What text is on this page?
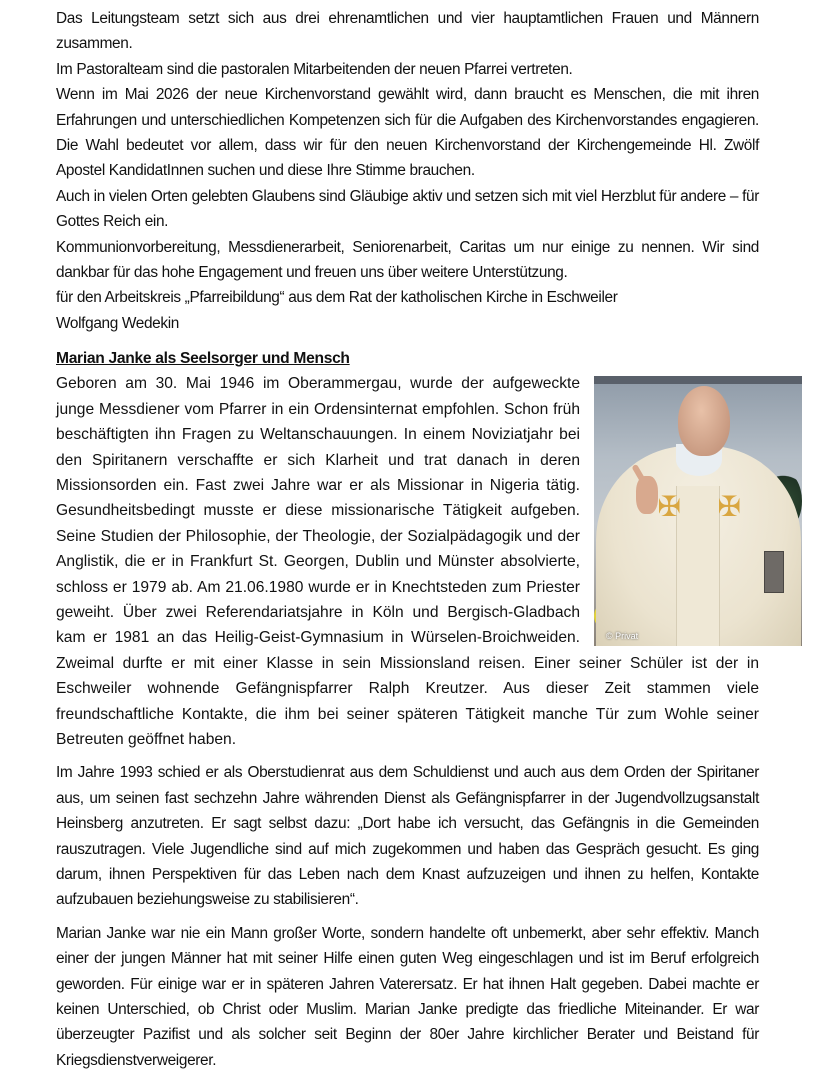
Das Leitungsteam setzt sich aus drei ehrenamtlichen und vier hauptamtlichen Frauen und Männern zusammen.

Im Pastoralteam sind die pastoralen Mitarbeitenden der neuen Pfarrei vertreten.

Wenn im Mai 2026 der neue Kirchenvorstand gewählt wird, dann braucht es Menschen, die mit ihren Erfahrungen und unterschiedlichen Kompetenzen sich für die Aufgaben des Kirchenvorstandes engagieren. Die Wahl bedeutet vor allem, dass wir für den neuen Kirchenvorstand der Kirchengemeinde Hl. Zwölf Apostel KandidatInnen suchen und diese Ihre Stimme brauchen.

Auch in vielen Orten gelebten Glaubens sind Gläubige aktiv und setzen sich mit viel Herzblut für andere – für Gottes Reich ein.

Kommunionvorbereitung, Messdienerarbeit, Seniorenarbeit, Caritas um nur einige zu nennen. Wir sind dankbar für das hohe Engagement und freuen uns über weitere Unterstützung.

für den Arbeitskreis „Pfarreibildung“ aus dem Rat der katholischen Kirche in Eschweiler

Wolfgang Wedekin

Marian Janke als Seelsorger und Mensch
✠ ✠
© Privat

Geboren am 30. Mai 1946 im Oberammergau, wurde der aufgeweckte junge Messdiener vom Pfarrer in ein Ordensinternat empfohlen. Schon früh beschäftigten ihn Fragen zu Weltanschauungen. In einem Noviziatjahr bei den Spiritanern verschaffte er sich Klarheit und trat danach in deren Missionsorden ein. Fast zwei Jahre war er als Missionar in Nigeria tätig. Gesundheitsbedingt musste er diese missionarische Tätigkeit aufgeben. Seine Studien der Philosophie, der Theologie, der Sozialpädagogik und der Anglistik, die er in Frankfurt St. Georgen, Dublin und Münster absolvierte, schloss er 1979 ab. Am 21.06.1980 wurde er in Knechtsteden zum Priester geweiht. Über zwei Referendariatsjahre in Köln und Bergisch-Gladbach kam er 1981 an das Heilig-Geist-Gymnasium in Würselen-Broichweiden. Zweimal durfte er mit einer Klasse in sein Missionsland reisen. Einer seiner Schüler ist der in Eschweiler wohnende Gefängnispfarrer Ralph Kreutzer. Aus dieser Zeit stammen viele freundschaftliche Kontakte, die ihm bei seiner späteren Tätigkeit manche Tür zum Wohle seiner Betreuten geöffnet haben.

Im Jahre 1993 schied er als Oberstudienrat aus dem Schuldienst und auch aus dem Orden der Spiritaner aus, um seinen fast sechzehn Jahre währenden Dienst als Gefängnispfarrer in der Jugendvollzugsanstalt Heinsberg anzutreten. Er sagt selbst dazu: „Dort habe ich versucht, das Gefängnis in die Gemeinden rauszutragen. Viele Jugendliche sind auf mich zugekommen und haben das Gespräch gesucht. Es ging darum, ihnen Perspektiven für das Leben nach dem Knast aufzuzeigen und ihnen zu helfen, Kontakte aufzubauen beziehungsweise zu stabilisieren“.

Marian Janke war nie ein Mann großer Worte, sondern handelte oft unbemerkt, aber sehr effektiv. Manch einer der jungen Männer hat mit seiner Hilfe einen guten Weg eingeschlagen und ist im Beruf erfolgreich geworden. Für einige war er in späteren Jahren Vaterersatz. Er hat ihnen Halt gegeben. Dabei machte er keinen Unterschied, ob Christ oder Muslim. Marian Janke predigte das friedliche Miteinander. Er war überzeugter Pazifist und als solcher seit Beginn der 80er Jahre kirchlicher Berater und Beistand für Kriegsdienstverweigerer.
